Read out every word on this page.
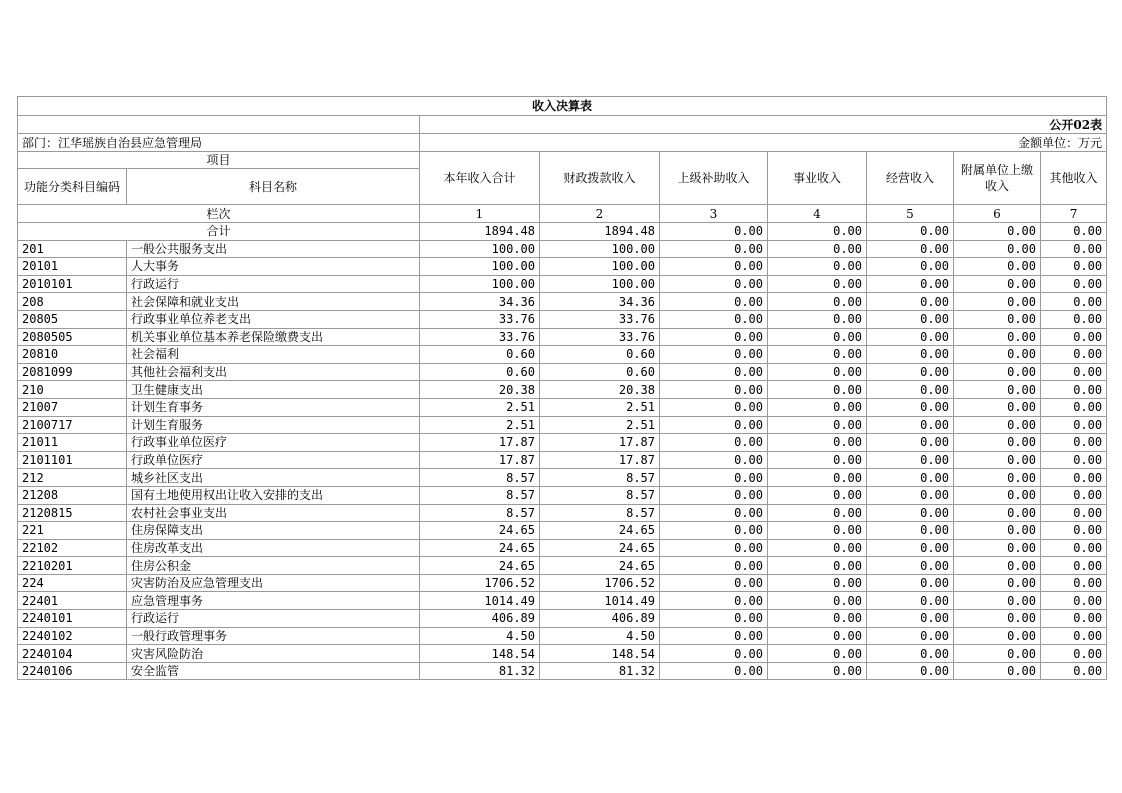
收入决算表								
		公开02表						
部门：江华瑶族自治县应急管理局		金额单位：万元						
项目		本年收入合计	财政拨款收入	上级补助收入	事业收入	经营收入	附属单位上缴收入	其他收入
功能分类科目编码	科目名称							
栏次		1	2	3	4	5	6	7
合计		1894.48	1894.48	0.00	0.00	0.00	0.00	0.00
201	一般公共服务支出	100.00	100.00	0.00	0.00	0.00	0.00	0.00
20101	人大事务	100.00	100.00	0.00	0.00	0.00	0.00	0.00
2010101	行政运行	100.00	100.00	0.00	0.00	0.00	0.00	0.00
208	社会保障和就业支出	34.36	34.36	0.00	0.00	0.00	0.00	0.00
20805	行政事业单位养老支出	33.76	33.76	0.00	0.00	0.00	0.00	0.00
2080505	机关事业单位基本养老保险缴费支出	33.76	33.76	0.00	0.00	0.00	0.00	0.00
20810	社会福利	0.60	0.60	0.00	0.00	0.00	0.00	0.00
2081099	其他社会福利支出	0.60	0.60	0.00	0.00	0.00	0.00	0.00
210	卫生健康支出	20.38	20.38	0.00	0.00	0.00	0.00	0.00
21007	计划生育事务	2.51	2.51	0.00	0.00	0.00	0.00	0.00
2100717	计划生育服务	2.51	2.51	0.00	0.00	0.00	0.00	0.00
21011	行政事业单位医疗	17.87	17.87	0.00	0.00	0.00	0.00	0.00
2101101	行政单位医疗	17.87	17.87	0.00	0.00	0.00	0.00	0.00
212	城乡社区支出	8.57	8.57	0.00	0.00	0.00	0.00	0.00
21208	国有土地使用权出让收入安排的支出	8.57	8.57	0.00	0.00	0.00	0.00	0.00
2120815	农村社会事业支出	8.57	8.57	0.00	0.00	0.00	0.00	0.00
221	住房保障支出	24.65	24.65	0.00	0.00	0.00	0.00	0.00
22102	住房改革支出	24.65	24.65	0.00	0.00	0.00	0.00	0.00
2210201	住房公积金	24.65	24.65	0.00	0.00	0.00	0.00	0.00
224	灾害防治及应急管理支出	1706.52	1706.52	0.00	0.00	0.00	0.00	0.00
22401	应急管理事务	1014.49	1014.49	0.00	0.00	0.00	0.00	0.00
2240101	行政运行	406.89	406.89	0.00	0.00	0.00	0.00	0.00
2240102	一般行政管理事务	4.50	4.50	0.00	0.00	0.00	0.00	0.00
2240104	灾害风险防治	148.54	148.54	0.00	0.00	0.00	0.00	0.00
2240106	安全监管	81.32	81.32	0.00	0.00	0.00	0.00	0.00
